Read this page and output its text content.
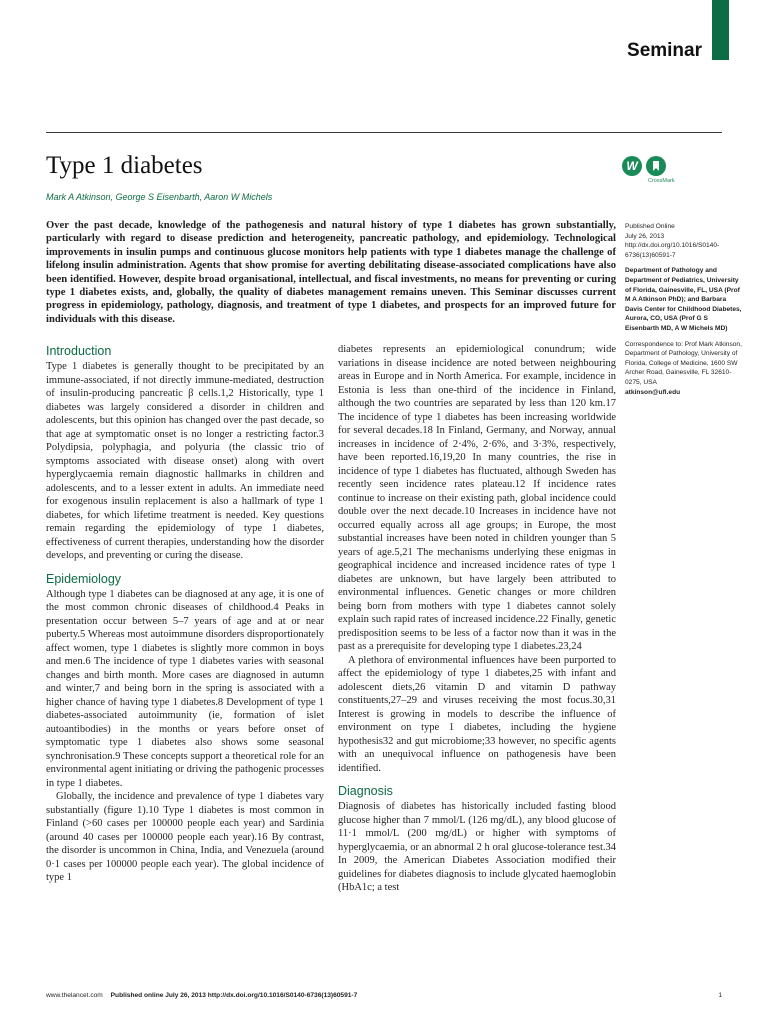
Seminar
Type 1 diabetes	W
CrossMark
Mark A Atkinson, George S Eisenbarth, Aaron W Michels

Over the past decade, knowledge of the pathogenesis and natural history of type 1 diabetes has grown substantially, particularly with regard to disease prediction and heterogeneity, pancreatic pathology, and epidemiology. Technological improvements in insulin pumps and continuous glucose monitors help patients with type 1 diabetes manage the challenge of lifelong insulin administration. Agents that show promise for averting debilitating disease-associated complications have also been identified. However, despite broad organisational, intellectual, and fiscal investments, no means for preventing or curing type 1 diabetes exists, and, globally, the quality of diabetes management remains uneven. This Seminar discusses current progress in epidemiology, pathology, diagnosis, and treatment of type 1 diabetes, and prospects for an improved future for individuals with this disease.

Published Online
July 26, 2013
http://dx.doi.org/10.1016/S0140-6736(13)60591-7

Department of Pathology and Department of Pediatrics, University of Florida, Gainesville, FL, USA (Prof M A Atkinson PhD); and Barbara Davis Center for Childhood Diabetes, Aurora, CO, USA (Prof G S Eisenbarth MD, A W Michels MD)

Correspondence to: Prof Mark Atkinson, Department of Pathology, University of Florida, College of Medicine, 1600 SW Archer Road, Gainesville, FL 32610-0275, USA
atkinson@ufl.edu

Introduction

Type 1 diabetes is generally thought to be precipitated by an immune-associated, if not directly immune-mediated, destruction of insulin-producing pancreatic β cells.1,2 Historically, type 1 diabetes was largely considered a disorder in children and adolescents, but this opinion has changed over the past decade, so that age at symptomatic onset is no longer a restricting factor.3 Polydipsia, polyphagia, and polyuria (the classic trio of symptoms associated with disease onset) along with overt hyperglycaemia remain diagnostic hallmarks in children and adolescents, and to a lesser extent in adults. An immediate need for exogenous insulin replacement is also a hallmark of type 1 diabetes, for which lifetime treatment is needed. Key questions remain regarding the epidemiology of type 1 diabetes, effectiveness of current therapies, understanding how the disorder develops, and preventing or curing the disease.

Epidemiology

Although type 1 diabetes can be diagnosed at any age, it is one of the most common chronic diseases of childhood.4 Peaks in presentation occur between 5–7 years of age and at or near puberty.5 Whereas most autoimmune disorders disproportionately affect women, type 1 diabetes is slightly more common in boys and men.6 The incidence of type 1 diabetes varies with seasonal changes and birth month. More cases are diagnosed in autumn and winter,7 and being born in the spring is associated with a higher chance of having type 1 diabetes.8 Development of type 1 diabetes-associated autoimmunity (ie, formation of islet autoantibodies) in the months or years before onset of symptomatic type 1 diabetes also shows some seasonal synchronisation.9 These concepts support a theoretical role for an environmental agent initiating or driving the pathogenic processes in type 1 diabetes.

Globally, the incidence and prevalence of type 1 diabetes vary substantially (figure 1).10 Type 1 diabetes is most common in Finland (>60 cases per 100000 people each year) and Sardinia (around 40 cases per 100000 people each year).16 By contrast, the disorder is uncommon in China, India, and Venezuela (around 0·1 cases per 100000 people each year). The global incidence of type 1

diabetes represents an epidemiological conundrum; wide variations in disease incidence are noted between neighbouring areas in Europe and in North America. For example, incidence in Estonia is less than one-third of the incidence in Finland, although the two countries are separated by less than 120 km.17 The incidence of type 1 diabetes has been increasing worldwide for several decades.18 In Finland, Germany, and Norway, annual increases in incidence of 2·4%, 2·6%, and 3·3%, respectively, have been reported.16,19,20 In many countries, the rise in incidence of type 1 diabetes has fluctuated, although Sweden has recently seen incidence rates plateau.12 If incidence rates continue to increase on their existing path, global incidence could double over the next decade.10 Increases in incidence have not occurred equally across all age groups; in Europe, the most substantial increases have been noted in children younger than 5 years of age.5,21 The mechanisms underlying these enigmas in geographical incidence and increased incidence rates of type 1 diabetes are unknown, but have largely been attributed to environmental influences. Genetic changes or more children being born from mothers with type 1 diabetes cannot solely explain such rapid rates of increased incidence.22 Finally, genetic predisposition seems to be less of a factor now than it was in the past as a prerequisite for developing type 1 diabetes.23,24

A plethora of environmental influences have been purported to affect the epidemiology of type 1 diabetes,25 with infant and adolescent diets,26 vitamin D and vitamin D pathway constituents,27–29 and viruses receiving the most focus.30,31 Interest is growing in models to describe the influence of environment on type 1 diabetes, including the hygiene hypothesis32 and gut microbiome;33 however, no specific agents with an unequivocal influence on pathogenesis have been identified.

Diagnosis

Diagnosis of diabetes has historically included fasting blood glucose higher than 7 mmol/L (126 mg/dL), any blood glucose of 11·1 mmol/L (200 mg/dL) or higher with symptoms of hyperglycaemia, or an abnormal 2 h oral glucose-tolerance test.34 In 2009, the American Diabetes Association modified their guidelines for diabetes diagnosis to include glycated haemoglobin (HbA1c; a test

www.thelancet.com Published online July 26, 2013 http://dx.doi.org/10.1016/S0140-6736(13)60591-7	1
